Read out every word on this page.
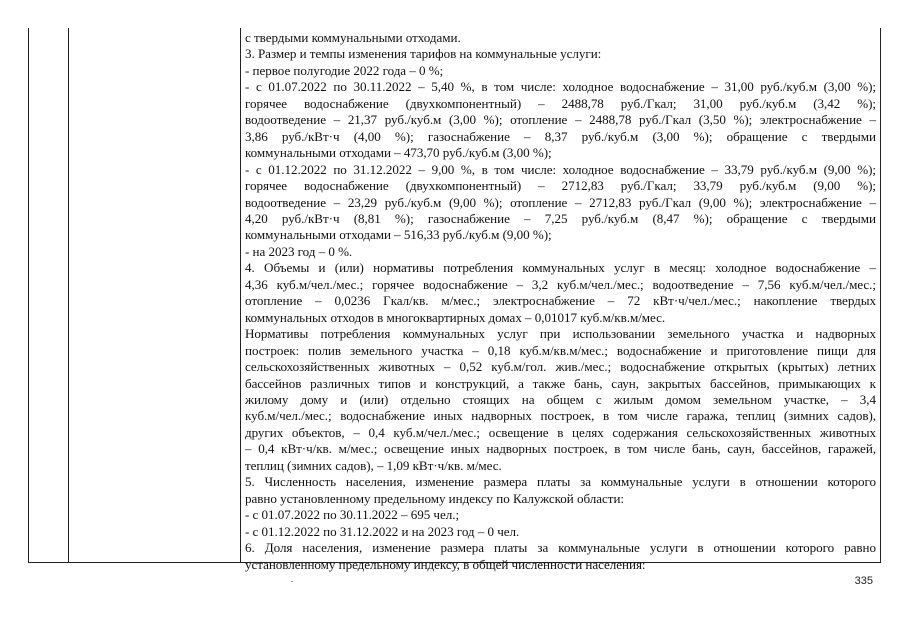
с твердыми коммунальными отходами.
3. Размер и темпы изменения тарифов на коммунальные услуги:
- первое полугодие 2022 года – 0 %;
- с 01.07.2022 по 30.11.2022 – 5,40 %, в том числе: холодное водоснабжение – 31,00 руб./куб.м (3,00 %);
горячее водоснабжение (двухкомпонентный) – 2488,78 руб./Гкал; 31,00 руб./куб.м (3,42 %);
водоотведение – 21,37 руб./куб.м (3,00 %); отопление – 2488,78 руб./Гкал (3,50 %); электроснабжение –
3,86 руб./кВт·ч (4,00 %); газоснабжение – 8,37 руб./куб.м (3,00 %); обращение с твердыми
коммунальными отходами – 473,70 руб./куб.м (3,00 %);
- с 01.12.2022 по 31.12.2022 – 9,00 %, в том числе: холодное водоснабжение – 33,79 руб./куб.м (9,00 %);
горячее водоснабжение (двухкомпонентный) – 2712,83 руб./Гкал; 33,79 руб./куб.м (9,00 %);
водоотведение – 23,29 руб./куб.м (9,00 %); отопление – 2712,83 руб./Гкал (9,00 %); электроснабжение –
4,20 руб./кВт·ч (8,81 %); газоснабжение – 7,25 руб./куб.м (8,47 %); обращение с твердыми
коммунальными отходами – 516,33 руб./куб.м (9,00 %);
- на 2023 год – 0 %.
4. Объемы и (или) нормативы потребления коммунальных услуг в месяц: холодное водоснабжение –
4,36 куб.м/чел./мес.; горячее водоснабжение – 3,2 куб.м/чел./мес.; водоотведение – 7,56 куб.м/чел./мес.;
отопление – 0,0236 Гкал/кв. м/мес.; электроснабжение – 72 кВт·ч/чел./мес.; накопление твердых
коммунальных отходов в многоквартирных домах – 0,01017 куб.м/кв.м/мес.
Нормативы потребления коммунальных услуг при использовании земельного участка и надворных
построек: полив земельного участка – 0,18 куб.м/кв.м/мес.; водоснабжение и приготовление пищи для
сельскохозяйственных животных – 0,52 куб.м/гол. жив./мес.; водоснабжение открытых (крытых) летних
бассейнов различных типов и конструкций, а также бань, саун, закрытых бассейнов, примыкающих к
жилому дому и (или) отдельно стоящих на общем с жилым домом земельном участке, – 3,4
куб.м/чел./мес.; водоснабжение иных надворных построек, в том числе гаража, теплиц (зимних садов),
других объектов, – 0,4 куб.м/чел./мес.; освещение в целях содержания сельскохозяйственных животных
– 0,4 кВт·ч/кв. м/мес.; освещение иных надворных построек, в том числе бань, саун, бассейнов, гаражей,
теплиц (зимних садов), – 1,09 кВт·ч/кв. м/мес.
5. Численность населения, изменение размера платы за коммунальные услуги в отношении которого
равно установленному предельному индексу по Калужской области:
- с 01.07.2022 по 30.11.2022 – 695 чел.;
- с 01.12.2022 по 31.12.2022 и на 2023 год – 0 чел.
6. Доля населения, изменение размера платы за коммунальные услуги в отношении которого равно
установленному предельному индексу, в общей численности населения:
335
